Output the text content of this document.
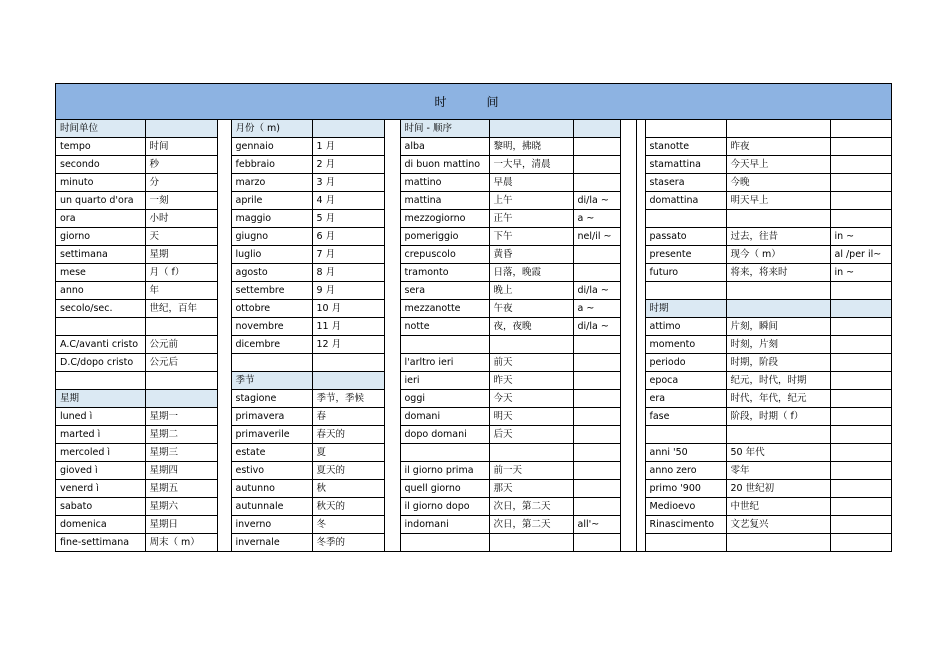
时　间
时间单位			月份（ m)			时间 - 顺序							
tempo	时间		gennaio	1 月		alba	黎明，拂晓				stanotte	昨夜	
secondo	秒		febbraio	2 月		di buon mattino	一大早，清晨				stamattina	今天早上	
minuto	分		marzo	3 月		mattino	早晨				stasera	今晚	
un quarto d'ora	一刻		aprile	4 月		mattina	上午	di/la ~			domattina	明天早上	
ora	小时		maggio	5 月		mezzogiorno	正午	a ~					
giorno	天		giugno	6 月		pomeriggio	下午	nel/il ~			passato	过去，往昔	in ~
settimana	星期		luglio	7 月		crepuscolo	黄昏				presente	现今（ m）	al /per il~
mese	月（ f）		agosto	8 月		tramonto	日落，晚霞				futuro	将来，将来时	in ~
anno	年		settembre	9 月		sera	晚上	di/la ~					
secolo/sec.	世纪，百年		ottobre	10 月		mezzanotte	午夜	a ~			时期		
			novembre	11 月		notte	夜，夜晚	di/la ~			attimo	片刻，瞬间	
A.C/avanti cristo	公元前		dicembre	12 月							momento	时刻，片刻	
D.C/dopo cristo	公元后					l'arltro ieri	前天				periodo	时期，阶段	
			季节			ieri	昨天				epoca	纪元，时代，时期	
星期			stagione	季节，季候		oggi	今天				era	时代，年代，纪元	
luned ì	星期一		primavera	春		domani	明天				fase	阶段，时期（ f）	
marted ì	星期二		primaverile	春天的		dopo domani	后天						
mercoled ì	星期三		estate	夏							anni '50	50 年代	
gioved ì	星期四		estivo	夏天的		il giorno prima	前一天				anno zero	零年	
venerd ì	星期五		autunno	秋		quell giorno	那天				primo '900	20 世纪初	
sabato	星期六		autunnale	秋天的		il giorno dopo	次日，第二天				Medioevo	中世纪	
domenica	星期日		inverno	冬		indomani	次日，第二天	all'~			Rinascimento	文艺复兴	
fine-settimana	周末（ m）		invernale	冬季的									
